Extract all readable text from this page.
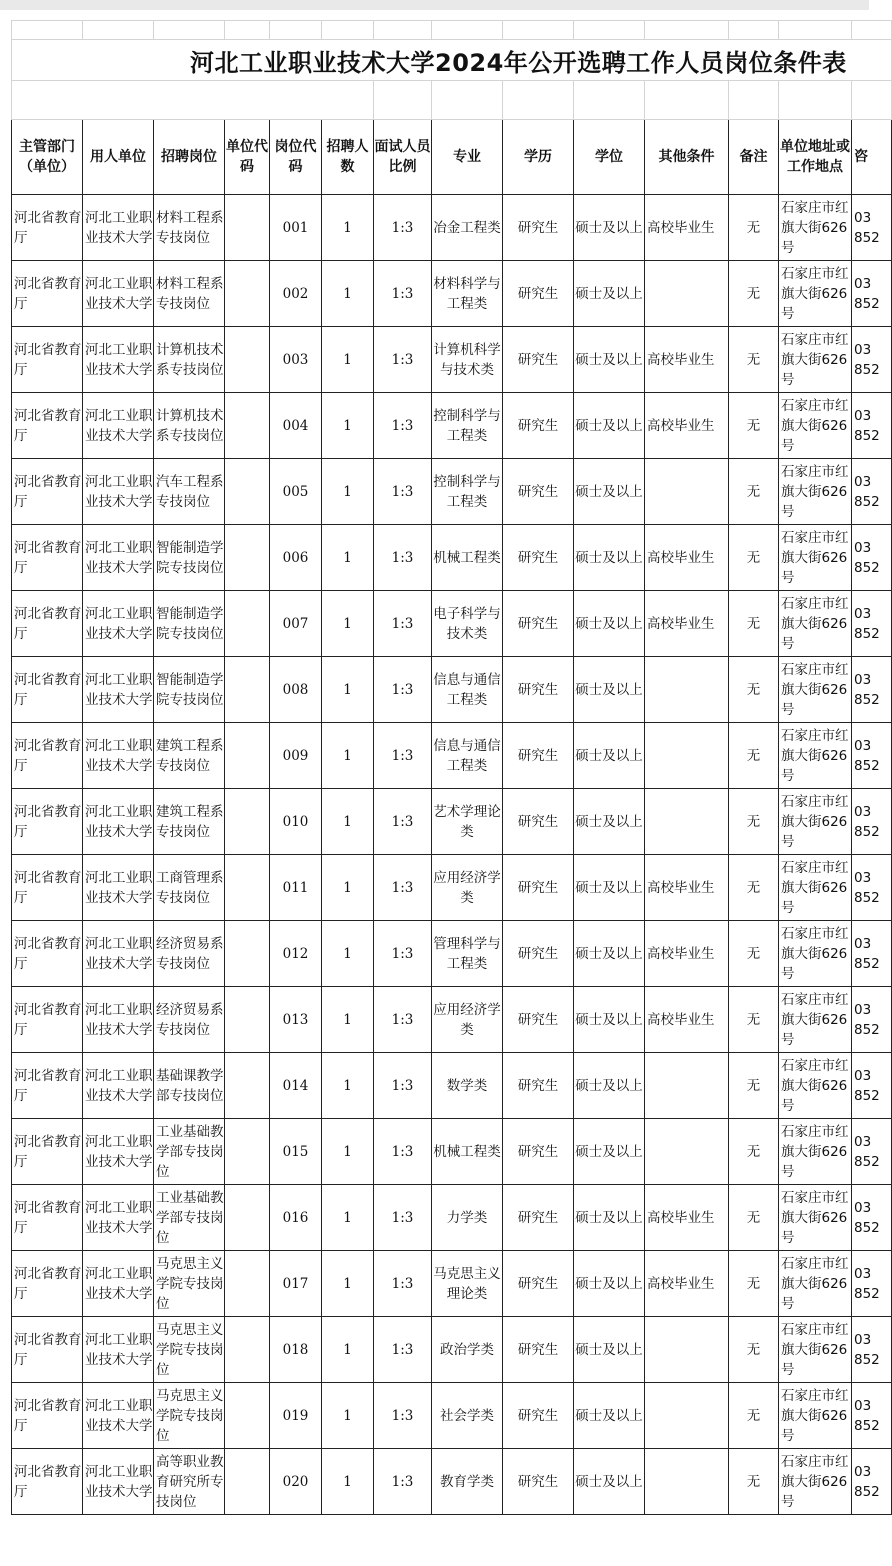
河北工业职业技术大学2024年公开选聘工作人员岗位条件表													

主管部门（单位）	用人单位	招聘岗位	单位代码	岗位代码	招聘人数	面试人员比例	专业	学历	学位	其他条件	备注	单位地址或工作地点	咨
河北省教育厅	河北工业职业技术大学	材料工程系专技岗位		001	1	1:3	冶金工程类	研究生	硕士及以上	高校毕业生	无	石家庄市红旗大街626号	03
852
河北省教育厅	河北工业职业技术大学	材料工程系专技岗位		002	1	1:3	材料科学与工程类	研究生	硕士及以上		无	石家庄市红旗大街626号	03
852
河北省教育厅	河北工业职业技术大学	计算机技术系专技岗位		003	1	1:3	计算机科学与技术类	研究生	硕士及以上	高校毕业生	无	石家庄市红旗大街626号	03
852
河北省教育厅	河北工业职业技术大学	计算机技术系专技岗位		004	1	1:3	控制科学与工程类	研究生	硕士及以上	高校毕业生	无	石家庄市红旗大街626号	03
852
河北省教育厅	河北工业职业技术大学	汽车工程系专技岗位		005	1	1:3	控制科学与工程类	研究生	硕士及以上		无	石家庄市红旗大街626号	03
852
河北省教育厅	河北工业职业技术大学	智能制造学院专技岗位		006	1	1:3	机械工程类	研究生	硕士及以上	高校毕业生	无	石家庄市红旗大街626号	03
852
河北省教育厅	河北工业职业技术大学	智能制造学院专技岗位		007	1	1:3	电子科学与技术类	研究生	硕士及以上	高校毕业生	无	石家庄市红旗大街626号	03
852
河北省教育厅	河北工业职业技术大学	智能制造学院专技岗位		008	1	1:3	信息与通信工程类	研究生	硕士及以上		无	石家庄市红旗大街626号	03
852
河北省教育厅	河北工业职业技术大学	建筑工程系专技岗位		009	1	1:3	信息与通信工程类	研究生	硕士及以上		无	石家庄市红旗大街626号	03
852
河北省教育厅	河北工业职业技术大学	建筑工程系专技岗位		010	1	1:3	艺术学理论类	研究生	硕士及以上		无	石家庄市红旗大街626号	03
852
河北省教育厅	河北工业职业技术大学	工商管理系专技岗位		011	1	1:3	应用经济学类	研究生	硕士及以上	高校毕业生	无	石家庄市红旗大街626号	03
852
河北省教育厅	河北工业职业技术大学	经济贸易系专技岗位		012	1	1:3	管理科学与工程类	研究生	硕士及以上	高校毕业生	无	石家庄市红旗大街626号	03
852
河北省教育厅	河北工业职业技术大学	经济贸易系专技岗位		013	1	1:3	应用经济学类	研究生	硕士及以上	高校毕业生	无	石家庄市红旗大街626号	03
852
河北省教育厅	河北工业职业技术大学	基础课教学部专技岗位		014	1	1:3	数学类	研究生	硕士及以上		无	石家庄市红旗大街626号	03
852
河北省教育厅	河北工业职业技术大学	工业基础教学部专技岗位		015	1	1:3	机械工程类	研究生	硕士及以上		无	石家庄市红旗大街626号	03
852
河北省教育厅	河北工业职业技术大学	工业基础教学部专技岗位		016	1	1:3	力学类	研究生	硕士及以上	高校毕业生	无	石家庄市红旗大街626号	03
852
河北省教育厅	河北工业职业技术大学	马克思主义学院专技岗位		017	1	1:3	马克思主义理论类	研究生	硕士及以上	高校毕业生	无	石家庄市红旗大街626号	03
852
河北省教育厅	河北工业职业技术大学	马克思主义学院专技岗位		018	1	1:3	政治学类	研究生	硕士及以上		无	石家庄市红旗大街626号	03
852
河北省教育厅	河北工业职业技术大学	马克思主义学院专技岗位		019	1	1:3	社会学类	研究生	硕士及以上		无	石家庄市红旗大街626号	03
852
河北省教育厅	河北工业职业技术大学	高等职业教育研究所专技岗位		020	1	1:3	教育学类	研究生	硕士及以上		无	石家庄市红旗大街626号	03
852
